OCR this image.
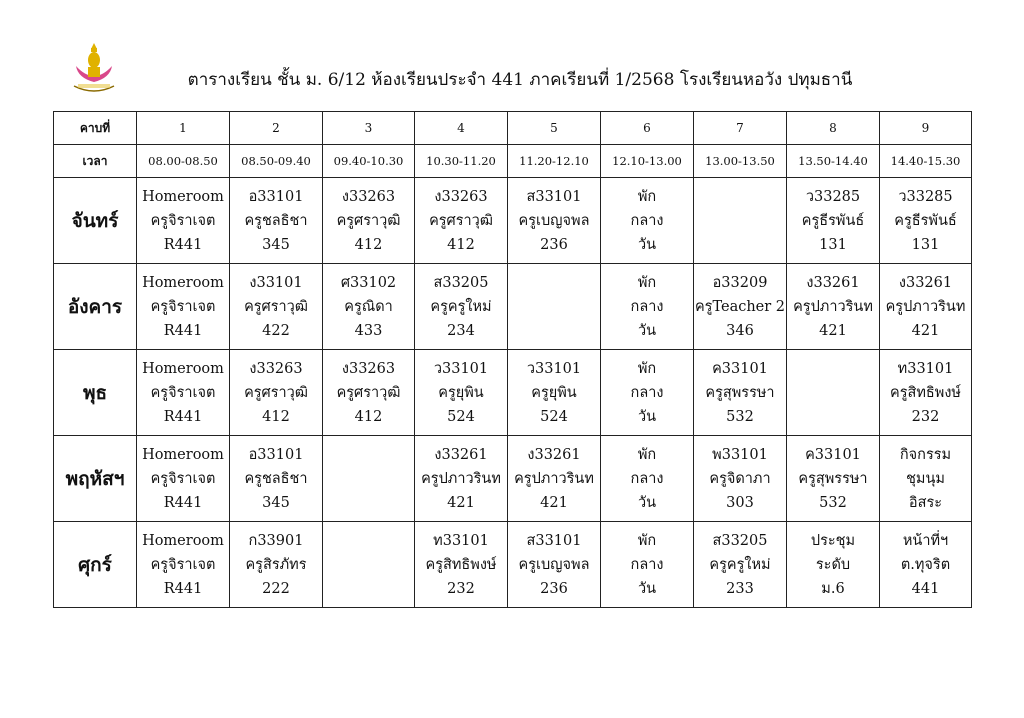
ตารางเรียน ชั้น ม. 6/12 ห้องเรียนประจำ 441 ภาคเรียนที่ 1/2568 โรงเรียนหอวัง ปทุมธานี
คาบที่	1	2	3	4	5	6	7	8	9
เวลา	08.00-08.50	08.50-09.40	09.40-10.30	10.30-11.20	11.20-12.10	12.10-13.00	13.00-13.50	13.50-14.40	14.40-15.30
จันทร์	Homeroom
ครูจิราเจต
R441	อ33101
ครูชลธิชา
345	ง33263
ครูศราวุฒิ
412	ง33263
ครูศราวุฒิ
412	ส33101
ครูเบญจพล
236	พัก
กลาง
วัน		ว33285
ครูธีรพันธ์
131	ว33285
ครูธีรพันธ์
131

อังคาร	Homeroom
ครูจิราเจต
R441	ง33101
ครูศราวุฒิ
422	ศ33102
ครูณิดา
433	ส33205
ครูครูใหม่
234		พัก
กลาง
วัน	อ33209
ครูTeacher 2
346	ง33261
ครูปภาวรินท
421	ง33261
ครูปภาวรินท
421

พุธ	Homeroom
ครูจิราเจต
R441	ง33263
ครูศราวุฒิ
412	ง33263
ครูศราวุฒิ
412	ว33101
ครูยุพิน
524	ว33101
ครูยุพิน
524	พัก
กลาง
วัน	ค33101
ครูสุพรรษา
532		ท33101
ครูสิทธิพงษ์
232

พฤหัสฯ	Homeroom
ครูจิราเจต
R441	อ33101
ครูชลธิชา
345		ง33261
ครูปภาวรินท
421	ง33261
ครูปภาวรินท
421	พัก
กลาง
วัน	พ33101
ครูจิดาภา
303	ค33101
ครูสุพรรษา
532	กิจกรรม
ชุมนุม
อิสระ

ศุกร์	Homeroom
ครูจิราเจต
R441	ก33901
ครูสิรภัทร
222		ท33101
ครูสิทธิพงษ์
232	ส33101
ครูเบญจพล
236	พัก
กลาง
วัน	ส33205
ครูครูใหม่
233	ประชุม
ระดับ
ม.6	หน้าที่ฯ
ต.ทุจริต
441
